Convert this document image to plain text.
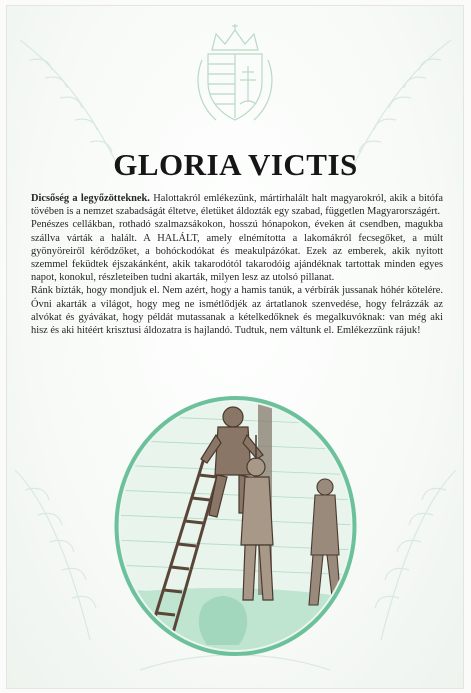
GLORIA VICTIS

Dicsőség a legyőzötteknek. Halottakról emlékezünk, mártírhalált halt magyarokról, akik a bitófa tövében is a nemzet szabadságát éltetve, életüket áldozták egy szabad, független Magyarországért.

Penészes cellákban, rothadó szalmazsákokon, hosszú hónapokon, éveken át csendben, magukba szállva várták a halált. A HALÁLT, amely elnémította a lakomákról fecsegőket, a múlt gyönyöreiről kérődzőket, a bohóckodókat és meakulpázókat. Ezek az emberek, akik nyitott szemmel feküdtek éjszakánként, akik takarodótól takarodóig ajándéknak tartottak minden egyes napot, konokul, részleteiben tudni akarták, milyen lesz az utolsó pillanat.

Ránk bízták, hogy mondjuk el. Nem azért, hogy a hamis tanúk, a vérbírák jussanak hóhér kötelére. Óvni akarták a világot, hogy meg ne ismétlődjék az ártatlanok szenvedése, hogy felrázzák az alvókat és gyávákat, hogy példát mutassanak a kételkedőknek és megalkuvóknak: van még aki hisz és aki hitéért krisztusi áldozatra is hajlandó. Tudtuk, nem váltunk el. Emlékezzünk rájuk!
